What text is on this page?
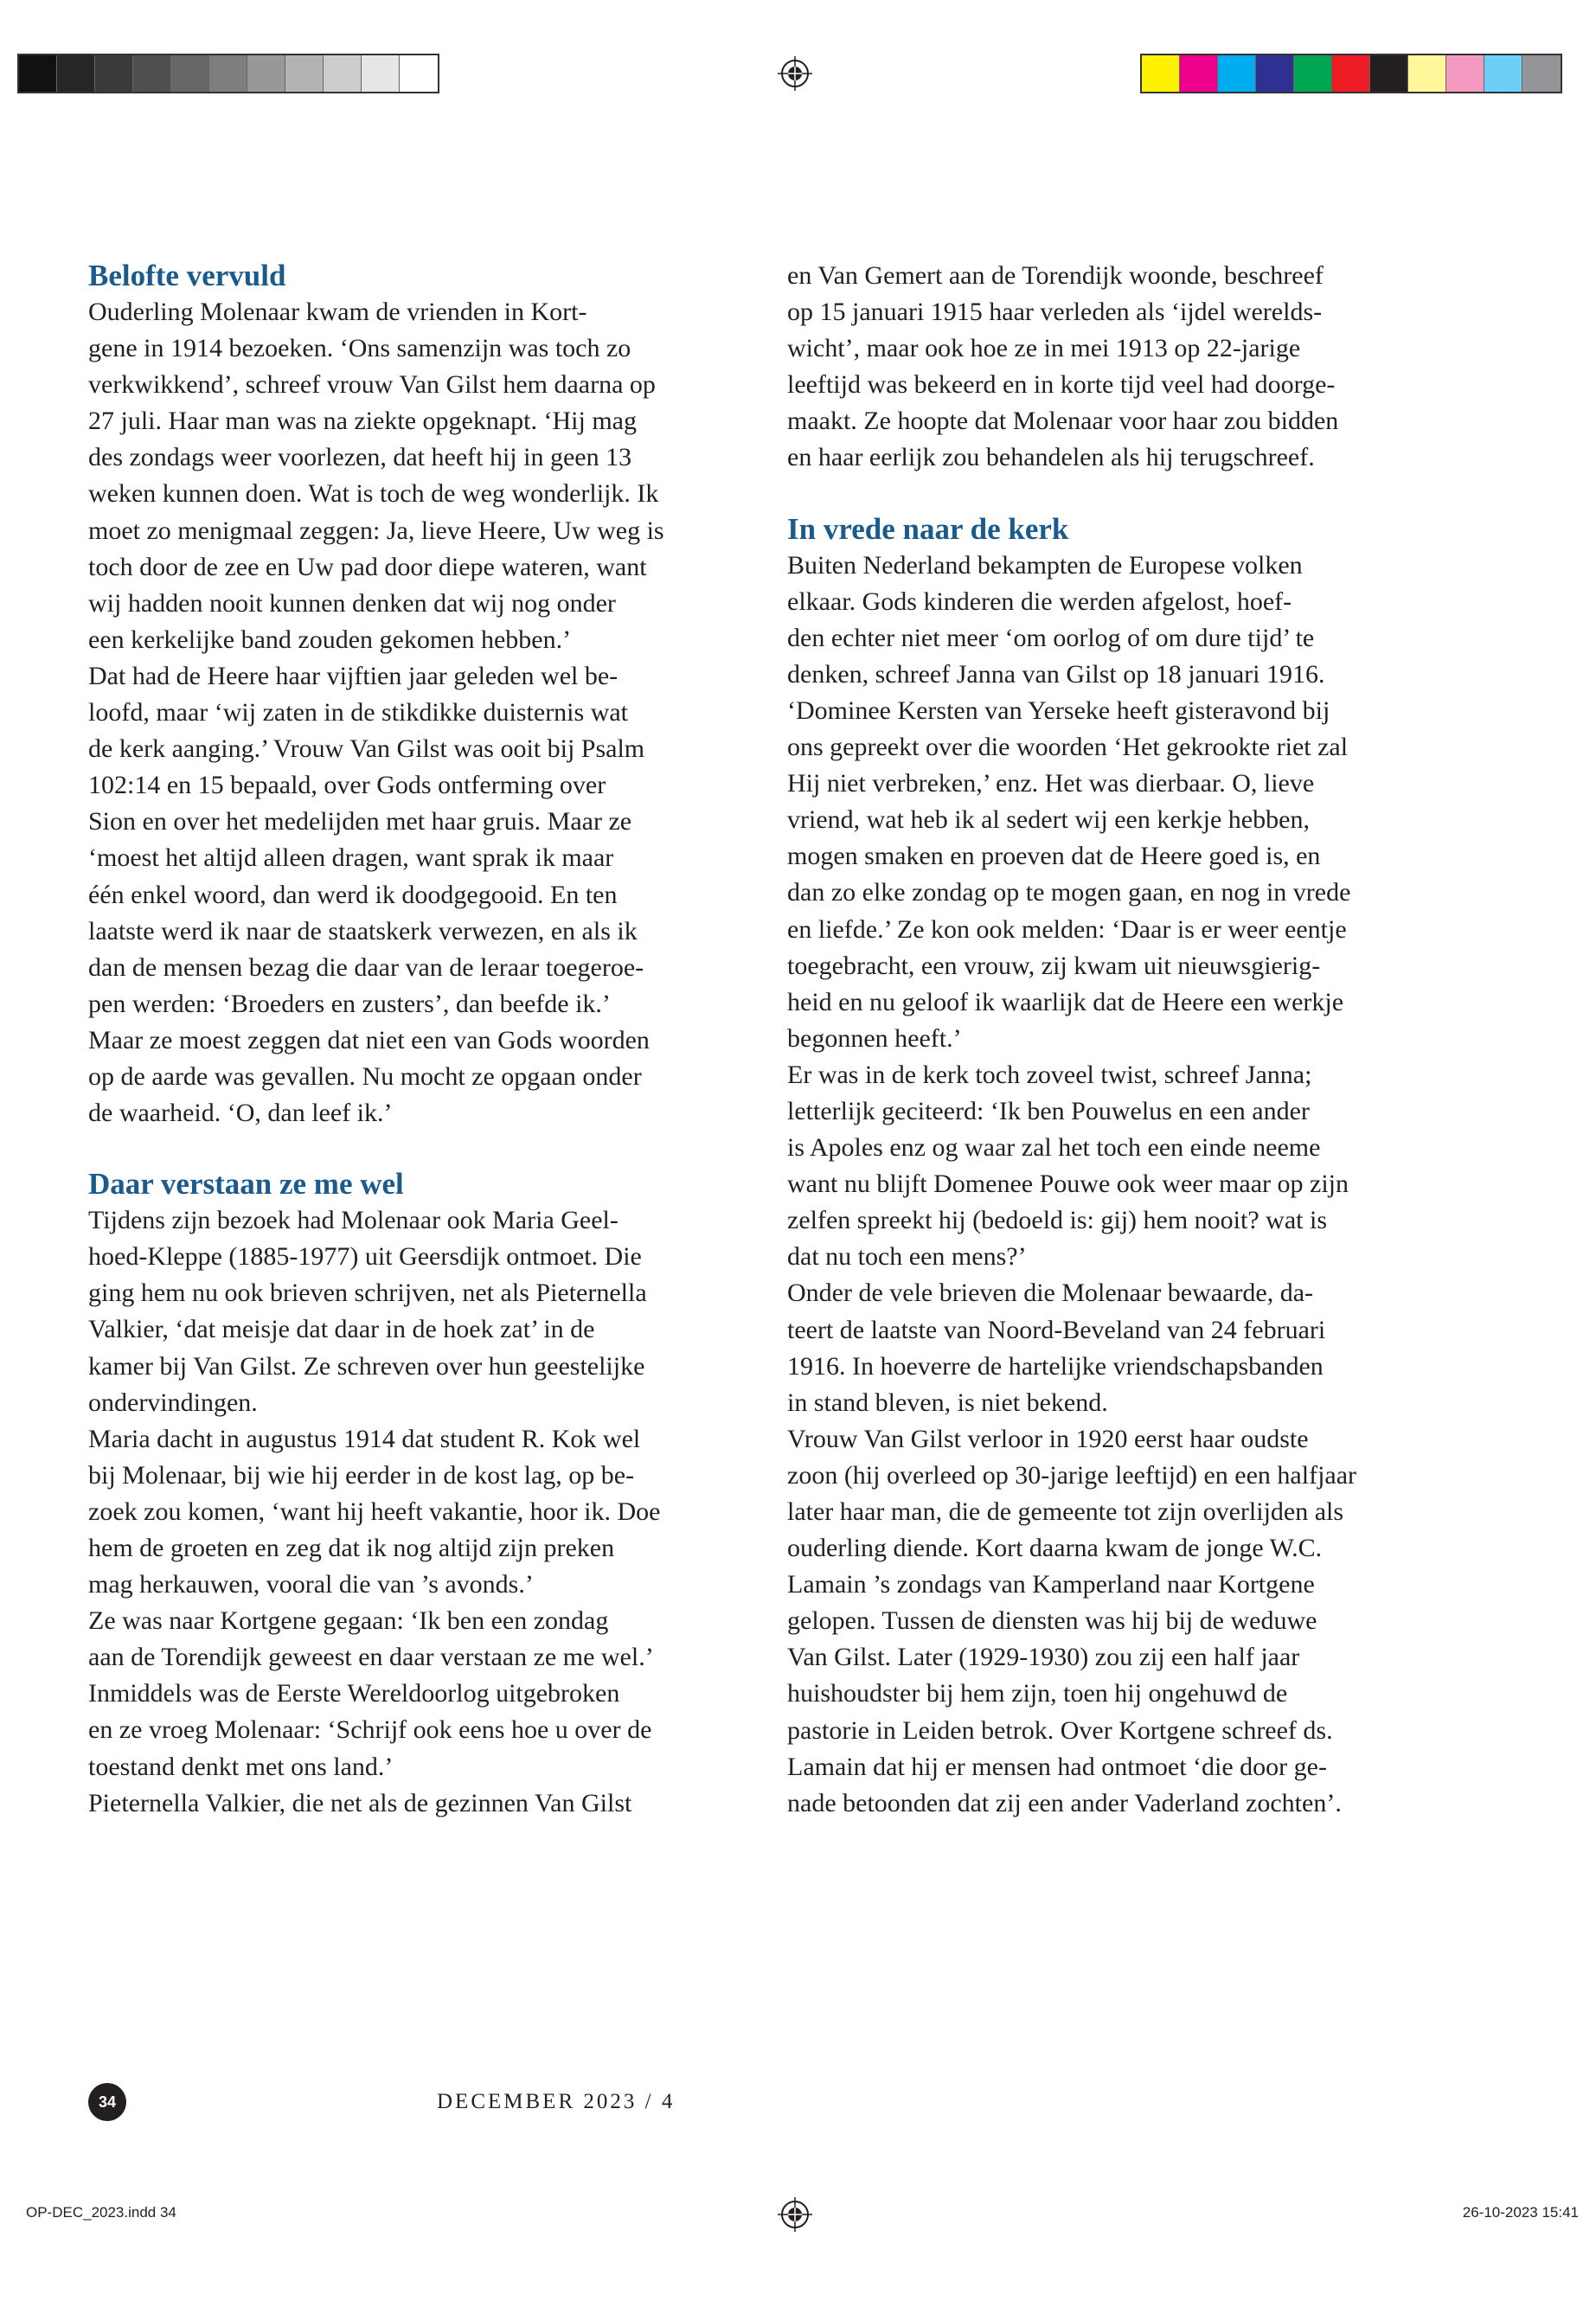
Belofte vervuld
Ouderling Molenaar kwam de vrienden in Kort-
gene in 1914 bezoeken. ‘Ons samenzijn was toch zo
verkwikkend’, schreef vrouw Van Gilst hem daarna op
27 juli. Haar man was na ziekte opgeknapt. ‘Hij mag
des zondags weer voorlezen, dat heeft hij in geen 13
weken kunnen doen. Wat is toch de weg wonderlijk. Ik
moet zo menigmaal zeggen: Ja, lieve Heere, Uw weg is
toch door de zee en Uw pad door diepe wateren, want
wij hadden nooit kunnen denken dat wij nog onder
een kerkelijke band zouden gekomen hebben.’
Dat had de Heere haar vijftien jaar geleden wel be-
loofd, maar ‘wij zaten in de stikdikke duisternis wat
de kerk aanging.’ Vrouw Van Gilst was ooit bij Psalm
102:14 en 15 bepaald, over Gods ontferming over
Sion en over het medelijden met haar gruis. Maar ze
‘moest het altijd alleen dragen, want sprak ik maar
één enkel woord, dan werd ik doodgegooid. En ten
laatste werd ik naar de staatskerk verwezen, en als ik
dan de mensen bezag die daar van de leraar toegeroe-
pen werden: ‘Broeders en zusters’, dan beefde ik.’
Maar ze moest zeggen dat niet een van Gods woorden
op de aarde was gevallen. Nu mocht ze opgaan onder
de waarheid. ‘O, dan leef ik.’
Daar verstaan ze me wel
Tijdens zijn bezoek had Molenaar ook Maria Geel-
hoed-Kleppe (1885-1977) uit Geersdijk ontmoet. Die
ging hem nu ook brieven schrijven, net als Pieternella
Valkier, ‘dat meisje dat daar in de hoek zat’ in de
kamer bij Van Gilst. Ze schreven over hun geestelijke
ondervindingen.
Maria dacht in augustus 1914 dat student R. Kok wel
bij Molenaar, bij wie hij eerder in de kost lag, op be-
zoek zou komen, ‘want hij heeft vakantie, hoor ik. Doe
hem de groeten en zeg dat ik nog altijd zijn preken
mag herkauwen, vooral die van ’s avonds.’
Ze was naar Kortgene gegaan: ‘Ik ben een zondag
aan de Torendijk geweest en daar verstaan ze me wel.’
Inmiddels was de Eerste Wereldoorlog uitgebroken
en ze vroeg Molenaar: ‘Schrijf ook eens hoe u over de
toestand denkt met ons land.’
Pieternella Valkier, die net als de gezinnen Van Gilst
en Van Gemert aan de Torendijk woonde, beschreef
op 15 januari 1915 haar verleden als ‘ijdel werelds-
wicht’, maar ook hoe ze in mei 1913 op 22-jarige
leeftijd was bekeerd en in korte tijd veel had doorge-
maakt. Ze hoopte dat Molenaar voor haar zou bidden
en haar eerlijk zou behandelen als hij terugschreef.
In vrede naar de kerk
Buiten Nederland bekampten de Europese volken
elkaar. Gods kinderen die werden afgelost, hoef-
den echter niet meer ‘om oorlog of om dure tijd’ te
denken, schreef Janna van Gilst op 18 januari 1916.
‘Dominee Kersten van Yerseke heeft gisteravond bij
ons gepreekt over die woorden ‘Het gekrookte riet zal
Hij niet verbreken,’ enz. Het was dierbaar. O, lieve
vriend, wat heb ik al sedert wij een kerkje hebben,
mogen smaken en proeven dat de Heere goed is, en
dan zo elke zondag op te mogen gaan, en nog in vrede
en liefde.’ Ze kon ook melden: ‘Daar is er weer eentje
toegebracht, een vrouw, zij kwam uit nieuwsgierig-
heid en nu geloof ik waarlijk dat de Heere een werkje
begonnen heeft.’
Er was in de kerk toch zoveel twist, schreef Janna;
letterlijk geciteerd: ‘Ik ben Pouwelus en een ander
is Apoles enz og waar zal het toch een einde neeme
want nu blijft Domenee Pouwe ook weer maar op zijn
zelfen spreekt hij (bedoeld is: gij) hem nooit? wat is
dat nu toch een mens?’
Onder de vele brieven die Molenaar bewaarde, da-
teert de laatste van Noord-Beveland van 24 februari
1916. In hoeverre de hartelijke vriendschapsbanden
in stand bleven, is niet bekend.
Vrouw Van Gilst verloor in 1920 eerst haar oudste
zoon (hij overleed op 30-jarige leeftijd) en een halfjaar
later haar man, die de gemeente tot zijn overlijden als
ouderling diende. Kort daarna kwam de jonge W.C.
Lamain ’s zondags van Kamperland naar Kortgene
gelopen. Tussen de diensten was hij bij de weduwe
Van Gilst. Later (1929-1930) zou zij een half jaar
huishoudster bij hem zijn, toen hij ongehuwd de
pastorie in Leiden betrok. Over Kortgene schreef ds.
Lamain dat hij er mensen had ontmoet ‘die door ge-
nade betoonden dat zij een ander Vaderland zochten’.
34	DECEMBER 2023 / 4
OP-DEC_2023.indd 34	26-10-2023 15:41
